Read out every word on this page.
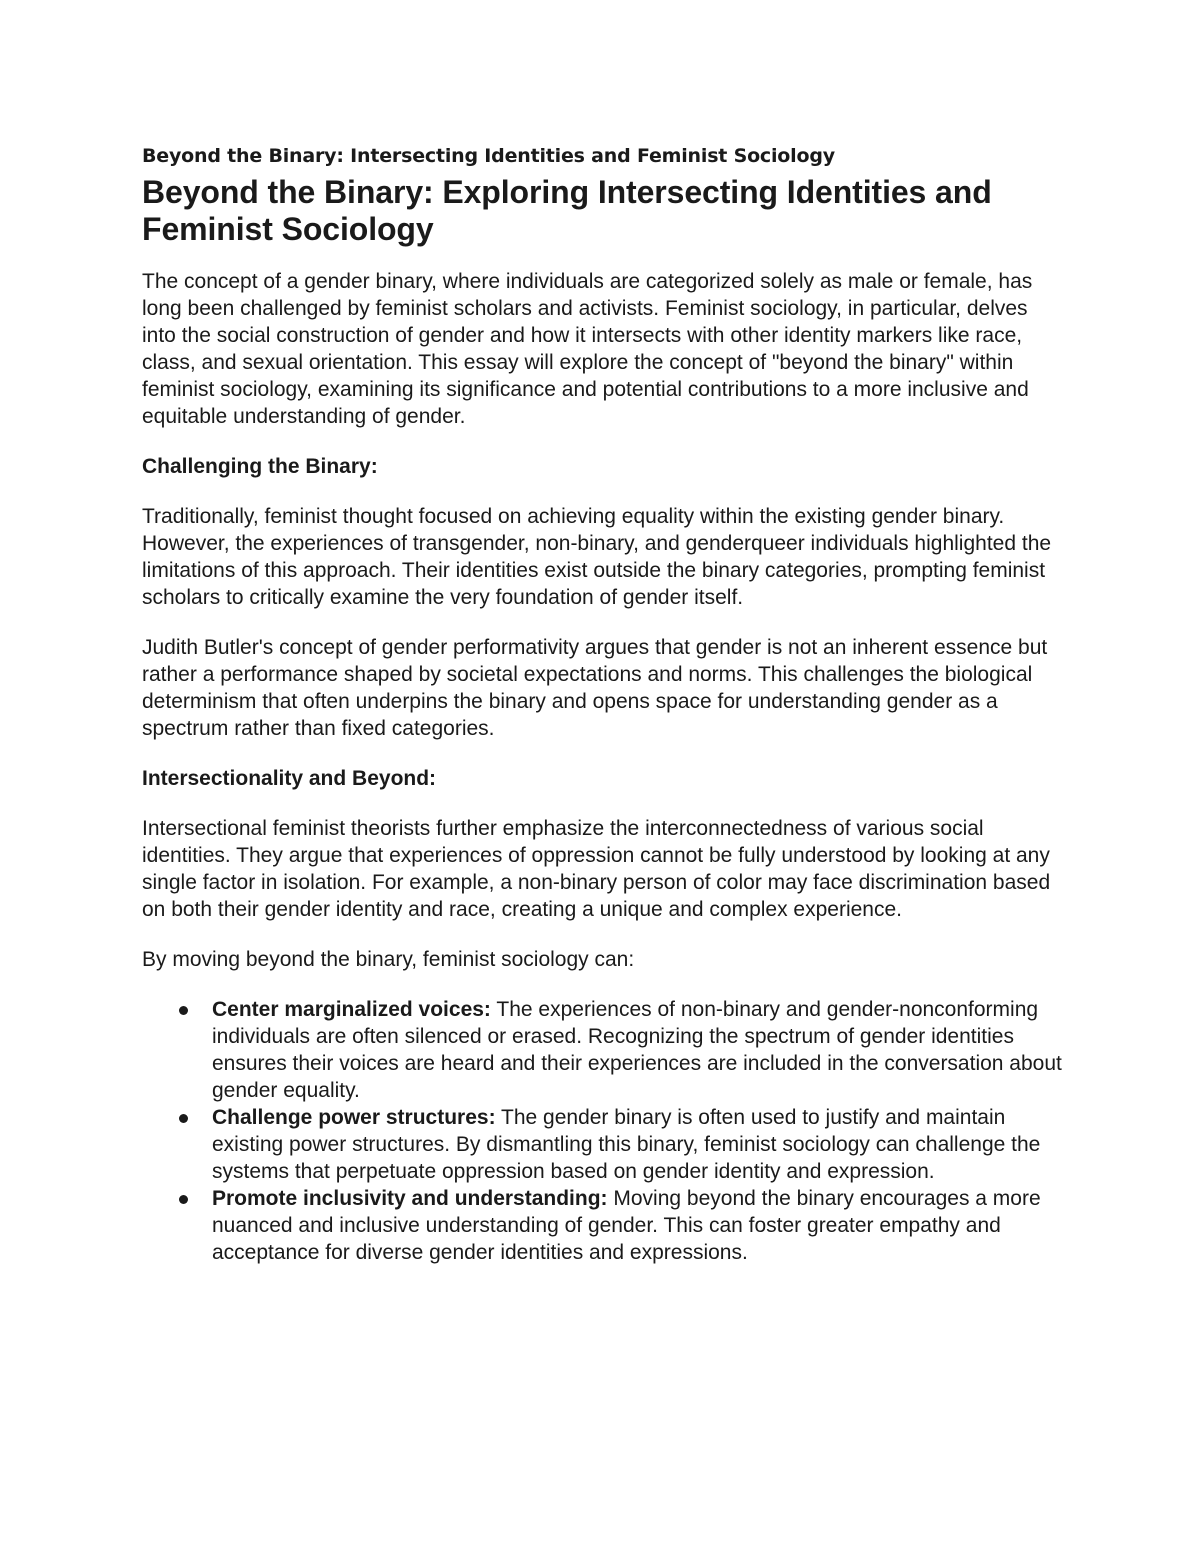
Beyond the Binary: Intersecting Identities and Feminist Sociology

Beyond the Binary: Exploring Intersecting Identities and Feminist Sociology

The concept of a gender binary, where individuals are categorized solely as male or female, has long been challenged by feminist scholars and activists. Feminist sociology, in particular, delves into the social construction of gender and how it intersects with other identity markers like race, class, and sexual orientation. This essay will explore the concept of "beyond the binary" within feminist sociology, examining its significance and potential contributions to a more inclusive and equitable understanding of gender.

Challenging the Binary:

Traditionally, feminist thought focused on achieving equality within the existing gender binary. However, the experiences of transgender, non-binary, and genderqueer individuals highlighted the limitations of this approach. Their identities exist outside the binary categories, prompting feminist scholars to critically examine the very foundation of gender itself.

Judith Butler's concept of gender performativity argues that gender is not an inherent essence but rather a performance shaped by societal expectations and norms. This challenges the biological determinism that often underpins the binary and opens space for understanding gender as a spectrum rather than fixed categories.

Intersectionality and Beyond:

Intersectional feminist theorists further emphasize the interconnectedness of various social identities. They argue that experiences of oppression cannot be fully understood by looking at any single factor in isolation. For example, a non-binary person of color may face discrimination based on both their gender identity and race, creating a unique and complex experience.

By moving beyond the binary, feminist sociology can:

Center marginalized voices: The experiences of non-binary and gender-nonconforming individuals are often silenced or erased. Recognizing the spectrum of gender identities ensures their voices are heard and their experiences are included in the conversation about gender equality.
Challenge power structures: The gender binary is often used to justify and maintain existing power structures. By dismantling this binary, feminist sociology can challenge the systems that perpetuate oppression based on gender identity and expression.
Promote inclusivity and understanding: Moving beyond the binary encourages a more nuanced and inclusive understanding of gender. This can foster greater empathy and acceptance for diverse gender identities and expressions.
